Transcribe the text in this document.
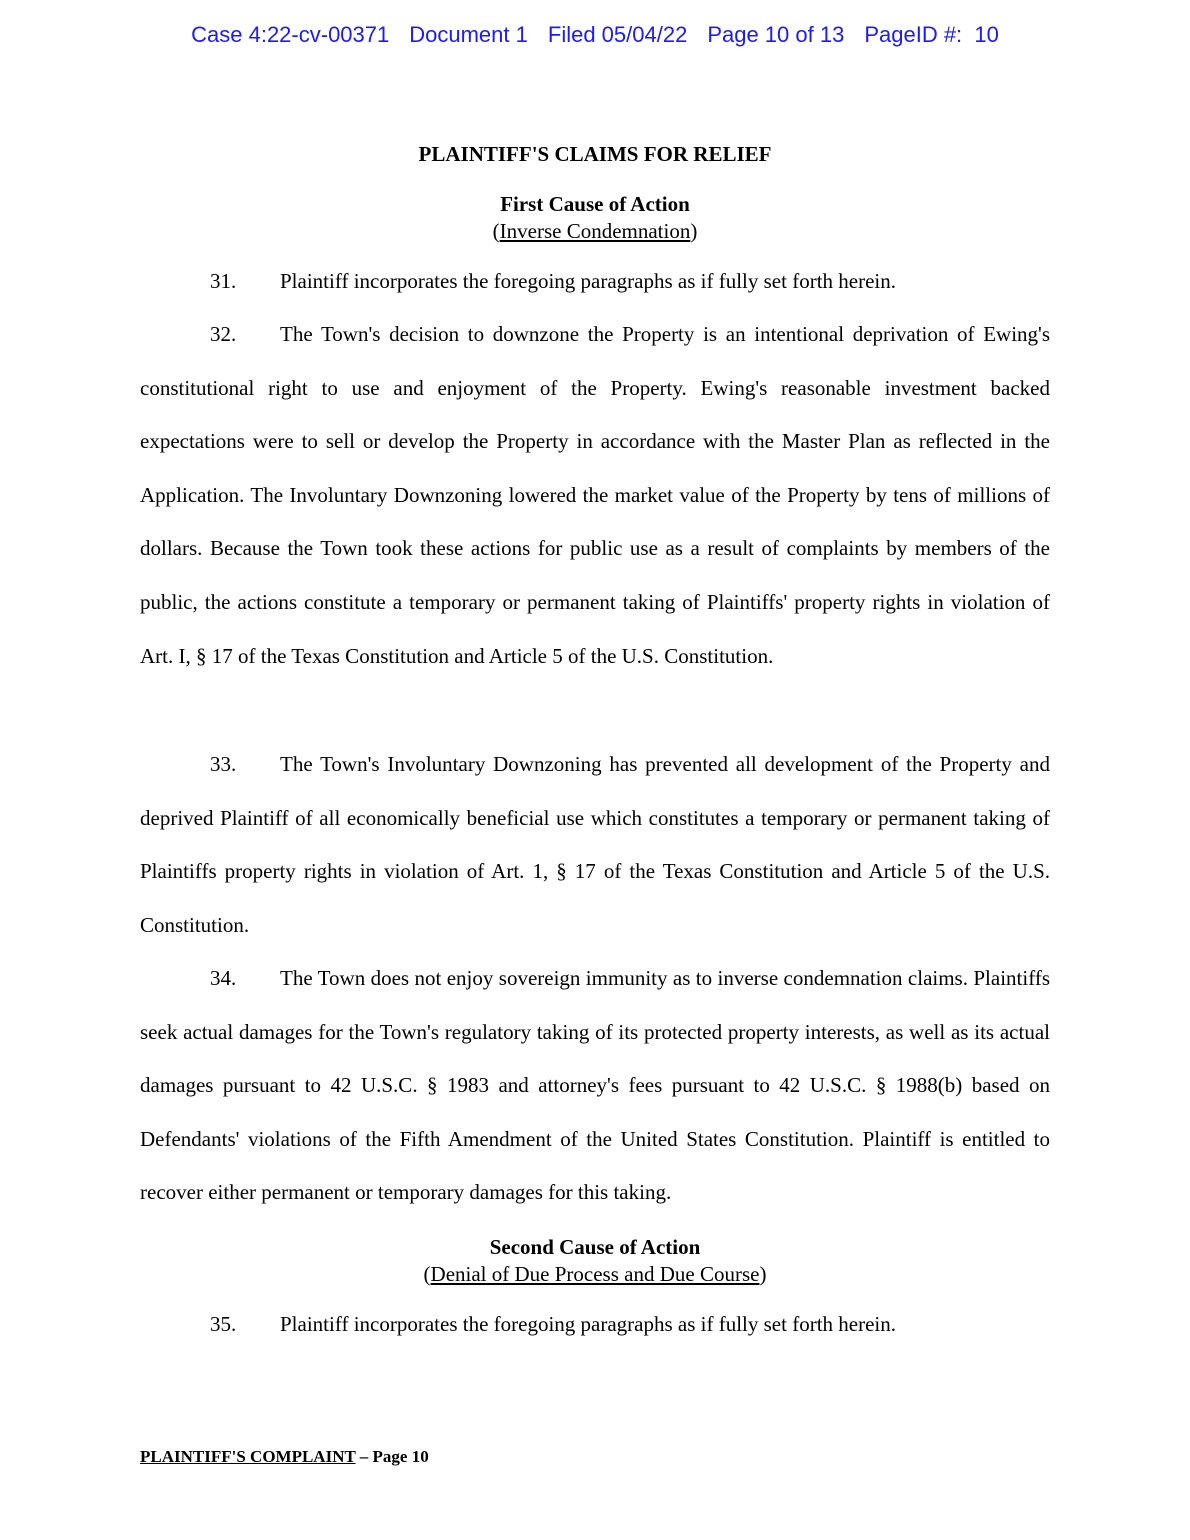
Case 4:22-cv-00371 Document 1 Filed 05/04/22 Page 10 of 13 PageID #:  10
PLAINTIFF'S CLAIMS FOR RELIEF
First Cause of Action
(Inverse Condemnation)
31. Plaintiff incorporates the foregoing paragraphs as if fully set forth herein.
32. The Town's decision to downzone the Property is an intentional deprivation of Ewing's constitutional right to use and enjoyment of the Property. Ewing's reasonable investment backed expectations were to sell or develop the Property in accordance with the Master Plan as reflected in the Application. The Involuntary Downzoning lowered the market value of the Property by tens of millions of dollars. Because the Town took these actions for public use as a result of complaints by members of the public, the actions constitute a temporary or permanent taking of Plaintiffs' property rights in violation of Art. I, § 17 of the Texas Constitution and Article 5 of the U.S. Constitution.
33. The Town's Involuntary Downzoning has prevented all development of the Property and deprived Plaintiff of all economically beneficial use which constitutes a temporary or permanent taking of Plaintiffs property rights in violation of Art. 1, § 17 of the Texas Constitution and Article 5 of the U.S. Constitution.
34. The Town does not enjoy sovereign immunity as to inverse condemnation claims. Plaintiffs seek actual damages for the Town's regulatory taking of its protected property interests, as well as its actual damages pursuant to 42 U.S.C. § 1983 and attorney's fees pursuant to 42 U.S.C. § 1988(b) based on Defendants' violations of the Fifth Amendment of the United States Constitution. Plaintiff is entitled to recover either permanent or temporary damages for this taking.
Second Cause of Action
(Denial of Due Process and Due Course)
35. Plaintiff incorporates the foregoing paragraphs as if fully set forth herein.
PLAINTIFF'S COMPLAINT – Page 10
